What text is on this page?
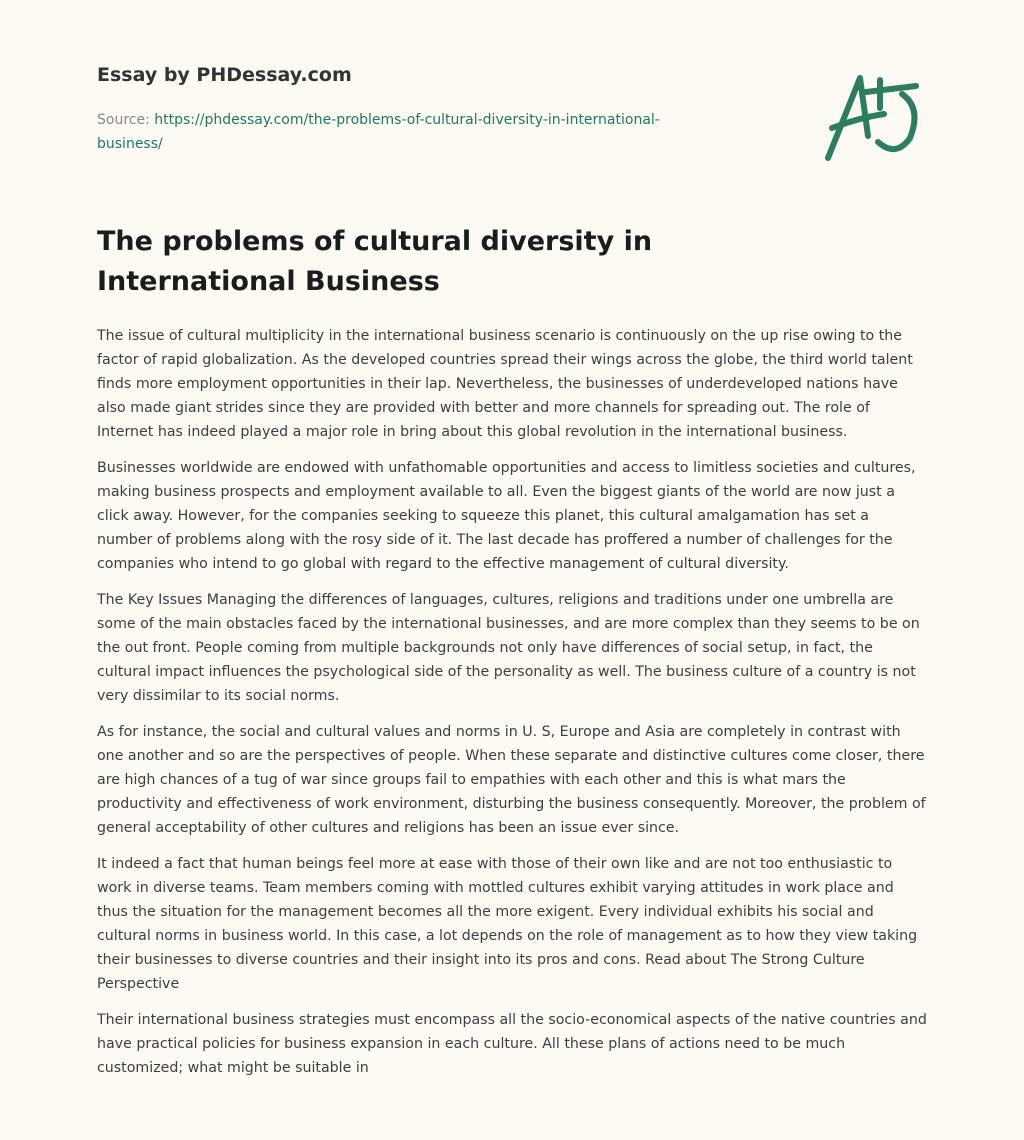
Essay by PHDessay.com
Source: https://phdessay.com/the-problems-of-cultural-diversity-in-international-business/
The problems of cultural diversity in International Business

The issue of cultural multiplicity in the international business scenario is continuously on the up rise owing to the factor of rapid globalization. As the developed countries spread their wings across the globe, the third world talent finds more employment opportunities in their lap. Nevertheless, the businesses of underdeveloped nations have also made giant strides since they are provided with better and more channels for spreading out. The role of Internet has indeed played a major role in bring about this global revolution in the international business.

Businesses worldwide are endowed with unfathomable opportunities and access to limitless societies and cultures, making business prospects and employment available to all. Even the biggest giants of the world are now just a click away. However, for the companies seeking to squeeze this planet, this cultural amalgamation has set a number of problems along with the rosy side of it. The last decade has proffered a number of challenges for the companies who intend to go global with regard to the effective management of cultural diversity.

The Key Issues Managing the differences of languages, cultures, religions and traditions under one umbrella are some of the main obstacles faced by the international businesses, and are more complex than they seems to be on the out front. People coming from multiple backgrounds not only have differences of social setup, in fact, the cultural impact influences the psychological side of the personality as well. The business culture of a country is not very dissimilar to its social norms.

As for instance, the social and cultural values and norms in U. S, Europe and Asia are completely in contrast with one another and so are the perspectives of people. When these separate and distinctive cultures come closer, there are high chances of a tug of war since groups fail to empathies with each other and this is what mars the productivity and effectiveness of work environment, disturbing the business consequently. Moreover, the problem of general acceptability of other cultures and religions has been an issue ever since.

It indeed a fact that human beings feel more at ease with those of their own like and are not too enthusiastic to work in diverse teams. Team members coming with mottled cultures exhibit varying attitudes in work place and thus the situation for the management becomes all the more exigent. Every individual exhibits his social and cultural norms in business world. In this case, a lot depends on the role of management as to how they view taking their businesses to diverse countries and their insight into its pros and cons. Read about The Strong Culture Perspective

Their international business strategies must encompass all the socio-economical aspects of the native countries and have practical policies for business expansion in each culture. All these plans of actions need to be much customized; what might be suitable in
